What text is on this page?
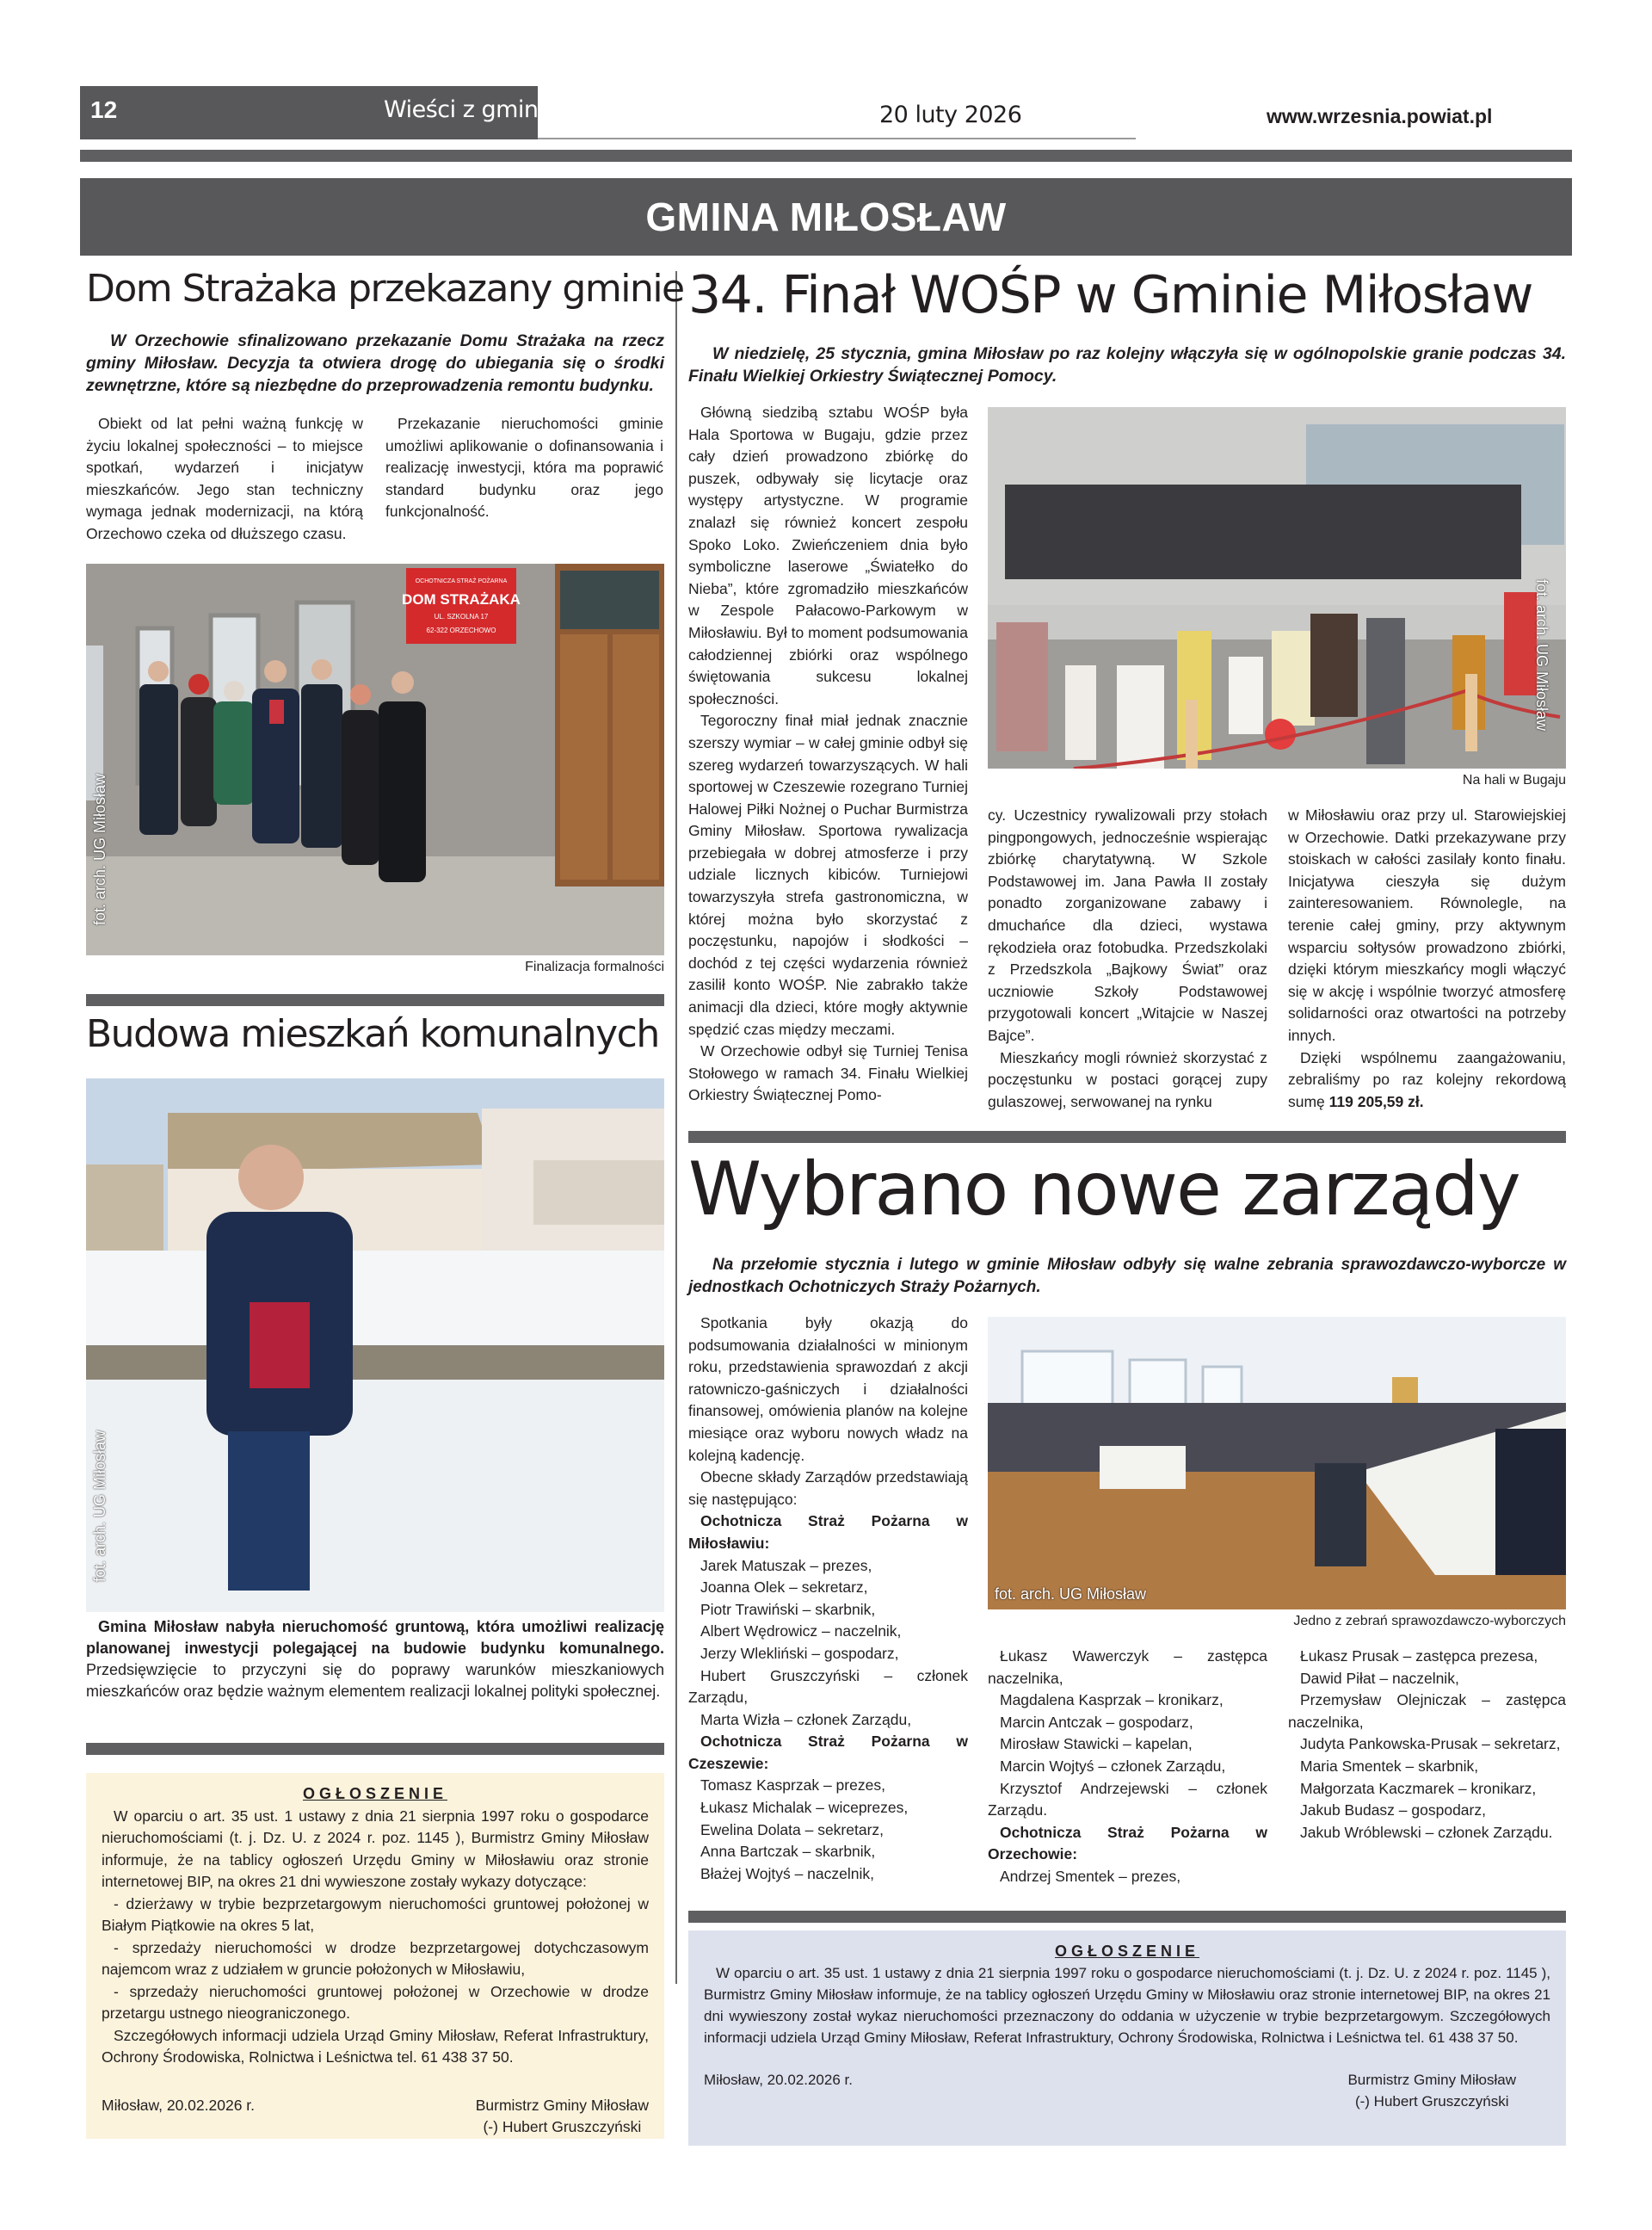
12	Wieści z gmin	20 luty 2026	www.wrzesnia.powiat.pl
GMINA MIŁOSŁAW
Dom Strażaka przekazany gminie
W Orzechowie sfinalizowano przekazanie Domu Strażaka na rzecz gminy Miłosław. Decyzja ta otwiera drogę do ubiegania się o środki zewnętrzne, które są niezbędne do przeprowadzenia remontu budynku.

Obiekt od lat pełni ważną funkcję w życiu lokalnej społeczności – to miejsce spotkań, wydarzeń i inicjatyw mieszkańców. Jego stan techniczny wymaga jednak modernizacji, na którą Orzechowo czeka od dłuższego czasu.

Przekazanie nieruchomości gminie umożliwi aplikowanie o dofinansowania i realizację inwestycji, która ma poprawić standard budynku oraz jego funkcjonalność.

OCHOTNICZA STRAŻ POŻARNA
DOM STRAŻAKA
UL. SZKOLNA 17
62-322 ORZECHOWO
fot. arch. UG Miłosław
Finalizacja formalności
Budowa mieszkań komunalnych
fot. arch. UG Miłosław

Gmina Miłosław nabyła nieruchomość gruntową, która umożliwi realizację planowanej inwestycji polegającej na budowie budynku komunalnego. Przedsięwzięcie to przyczyni się do poprawy warunków mieszkaniowych mieszkańców oraz będzie ważnym elementem realizacji lokalnej polityki społecznej.

OGŁOSZENIE

W oparciu o art. 35 ust. 1 ustawy z dnia 21 sierpnia 1997 roku o gospodarce nieruchomościami (t. j. Dz. U. z 2024 r. poz. 1145 ), Burmistrz Gminy Miłosław informuje, że na tablicy ogłoszeń Urzędu Gminy w Miłosławiu oraz stronie internetowej BIP, na okres 21 dni wywieszone zostały wykazy dotyczące:

- dzierżawy w trybie bezprzetargowym nieruchomości gruntowej położonej w Białym Piątkowie na okres 5 lat,

- sprzedaży nieruchomości w drodze bezprzetargowej dotychczasowym najemcom wraz z udziałem w gruncie położonych w Miłosławiu,

- sprzedaży nieruchomości gruntowej położonej w Orzechowie w drodze przetargu ustnego nieograniczonego.

Szczegółowych informacji udziela Urząd Gminy Miłosław, Referat Infrastruktury, Ochrony Środowiska, Rolnictwa i Leśnictwa tel. 61 438 37 50.

Miłosław, 20.02.2026 r.	Burmistrz Gminy Miłosław
(-) Hubert Gruszczyński
34. Finał WOŚP w Gminie Miłosław
W niedzielę, 25 stycznia, gmina Miłosław po raz kolejny włączyła się w ogólnopolskie granie podczas 34. Finału Wielkiej Orkiestry Świątecznej Pomocy.

Główną siedzibą sztabu WOŚP była Hala Sportowa w Bugaju, gdzie przez cały dzień prowadzono zbiórkę do puszek, odbywały się licytacje oraz występy artystyczne. W programie znalazł się również koncert zespołu Spoko Loko. Zwieńczeniem dnia było symboliczne laserowe „Światełko do Nieba”, które zgromadziło mieszkańców w Zespole Pałacowo-Parkowym w Miłosławiu. Był to moment podsumowania całodziennej zbiórki oraz wspólnego świętowania sukcesu lokalnej społeczności.

Tegoroczny finał miał jednak znacznie szerszy wymiar – w całej gminie odbył się szereg wydarzeń towarzyszących. W hali sportowej w Czeszewie rozegrano Turniej Halowej Piłki Nożnej o Puchar Burmistrza Gminy Miłosław. Sportowa rywalizacja przebiegała w dobrej atmosferze i przy udziale licznych kibiców. Turniejowi towarzyszyła strefa gastronomiczna, w której można było skorzystać z poczęstunku, napojów i słodkości – dochód z tej części wydarzenia również zasilił konto WOŚP. Nie zabrakło także animacji dla dzieci, które mogły aktywnie spędzić czas między meczami.

W Orzechowie odbył się Turniej Tenisa Stołowego w ramach 34. Finału Wielkiej Orkiestry Świątecznej Pomo-

fot. arch. UG Miłosław
Na hali w Bugaju

cy. Uczestnicy rywalizowali przy stołach pingpongowych, jednocześnie wspierając zbiórkę charytatywną. W Szkole Podstawowej im. Jana Pawła II zostały ponadto zorganizowane zabawy i dmuchańce dla dzieci, wystawa rękodzieła oraz fotobudka. Przedszkolaki z Przedszkola „Bajkowy Świat” oraz uczniowie Szkoły Podstawowej przygotowali koncert „Witajcie w Naszej Bajce”.

Mieszkańcy mogli również skorzystać z poczęstunku w postaci gorącej zupy gulaszowej, serwowanej na rynku

w Miłosławiu oraz przy ul. Starowiejskiej w Orzechowie. Datki przekazywane przy stoiskach w całości zasilały konto finału. Inicjatywa cieszyła się dużym zainteresowaniem. Równolegle, na terenie całej gminy, przy aktywnym wsparciu sołtysów prowadzono zbiórki, dzięki którym mieszkańcy mogli włączyć się w akcję i wspólnie tworzyć atmosferę solidarności oraz otwartości na potrzeby innych.

Dzięki wspólnemu zaangażowaniu, zebraliśmy po raz kolejny rekordową sumę 119 205,59 zł.

Wybrano nowe zarządy
Na przełomie stycznia i lutego w gminie Miłosław odbyły się walne zebrania sprawozdawczo-wyborcze w jednostkach Ochotniczych Straży Pożarnych.

Spotkania były okazją do podsumowania działalności w minionym roku, przedstawienia sprawozdań z akcji ratowniczo-gaśniczych i działalności finansowej, omówienia planów na kolejne miesiące oraz wyboru nowych władz na kolejną kadencję.

Obecne składy Zarządów przedstawiają się następująco:

Ochotnicza Straż Pożarna w Miłosławiu:

Jarek Matuszak – prezes,

Joanna Olek – sekretarz,

Piotr Trawiński – skarbnik,

Albert Wędrowicz – naczelnik,

Jerzy Wlekliński – gospodarz,

Hubert Gruszczyński – członek Zarządu,

Marta Wizła – członek Zarządu,

Ochotnicza Straż Pożarna w Czeszewie:

Tomasz Kasprzak – prezes,

Łukasz Michalak – wiceprezes,

Ewelina Dolata – sekretarz,

Anna Bartczak – skarbnik,

Błażej Wojtyś – naczelnik,

fot. arch. UG Miłosław
Jedno z zebrań sprawozdawczo-wyborczych

Łukasz Wawerczyk – zastępca naczelnika,

Magdalena Kasprzak – kronikarz,

Marcin Antczak – gospodarz,

Mirosław Stawicki – kapelan,

Marcin Wojtyś – członek Zarządu,

Krzysztof Andrzejewski – członek Zarządu.

Ochotnicza Straż Pożarna w Orzechowie:

Andrzej Smentek – prezes,

Łukasz Prusak – zastępca prezesa,

Dawid Piłat – naczelnik,

Przemysław Olejniczak – zastępca naczelnika,

Judyta Pankowska-Prusak – sekretarz,

Maria Smentek – skarbnik,

Małgorzata Kaczmarek – kronikarz,

Jakub Budasz – gospodarz,

Jakub Wróblewski – członek Zarządu.

OGŁOSZENIE

W oparciu o art. 35 ust. 1 ustawy z dnia 21 sierpnia 1997 roku o gospodarce nieruchomościami (t. j. Dz. U. z 2024 r. poz. 1145 ), Burmistrz Gminy Miłosław informuje, że na tablicy ogłoszeń Urzędu Gminy w Miłosławiu oraz stronie internetowej BIP, na okres 21 dni wywieszony został wykaz nieruchomości przeznaczony do oddania w użyczenie w trybie bezprzetargowym. Szczegółowych informacji udziela Urząd Gminy Miłosław, Referat Infrastruktury, Ochrony Środowiska, Rolnictwa i Leśnictwa tel. 61 438 37 50.

Miłosław, 20.02.2026 r.	Burmistrz Gminy Miłosław
(-) Hubert Gruszczyński
